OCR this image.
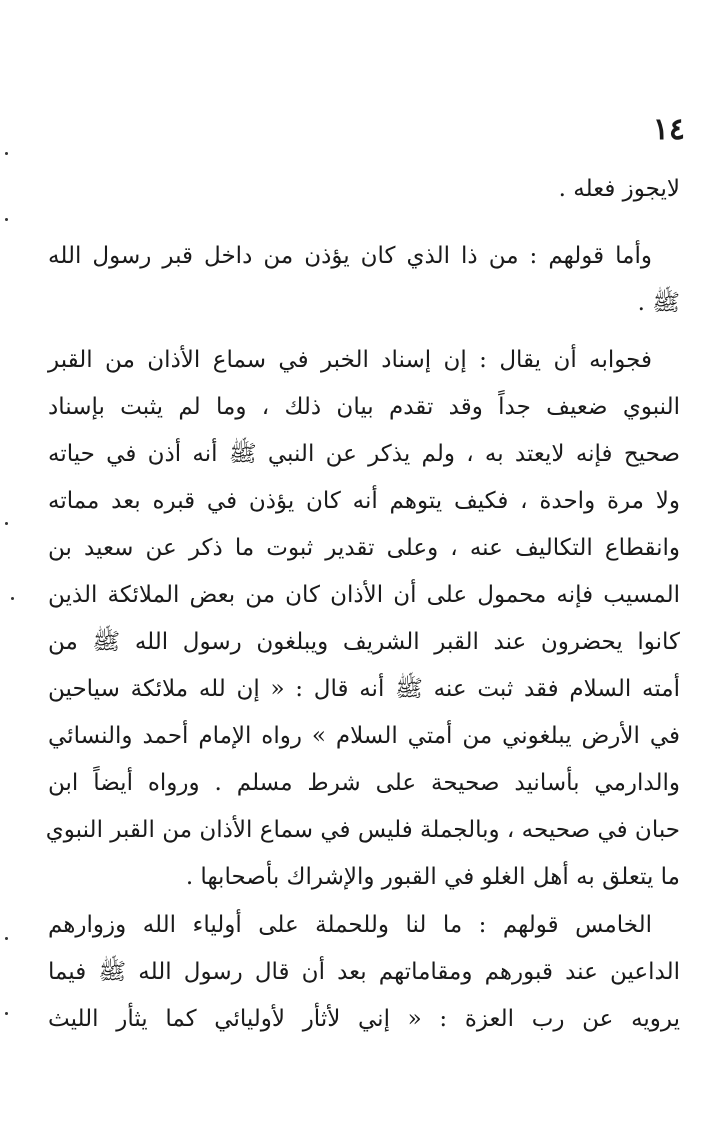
١٤
لايجوز فعله .
وأما قولهم : من ذا الذي كان يؤذن من داخل قبر رسول الله
ﷺ .
فجوابه أن يقال : إن إسناد الخبر في سماع الأذان من القبر
النبوي ضعيف جداً وقد تقدم بيان ذلك ، وما لم يثبت بإسناد
صحيح فإنه لايعتد به ، ولم يذكر عن النبي ﷺ أنه أذن في حياته
ولا مرة واحدة ، فكيف يتوهم أنه كان يؤذن في قبره بعد مماته
وانقطاع التكاليف عنه ، وعلى تقدير ثبوت ما ذكر عن سعيد بن
المسيب فإنه محمول على أن الأذان كان من بعض الملائكة الذين
كانوا يحضرون عند القبر الشريف ويبلغون رسول الله ﷺ من
أمته السلام فقد ثبت عنه ﷺ أنه قال : « إن لله ملائكة سياحين
في الأرض يبلغوني من أمتي السلام » رواه الإمام أحمد والنسائي
والدارمي بأسانيد صحيحة على شرط مسلم . ورواه أيضاً ابن
حبان في صحيحه ، وبالجملة فليس في سماع الأذان من القبر النبوي
ما يتعلق به أهل الغلو في القبور والإشراك بأصحابها .
الخامس قولهم : ما لنا وللحملة على أولياء الله وزوارهم
الداعين عند قبورهم ومقاماتهم بعد أن قال رسول الله ﷺ فيما
يرويه عن رب العزة : « إني لأثأر لأوليائي كما يثأر الليث
